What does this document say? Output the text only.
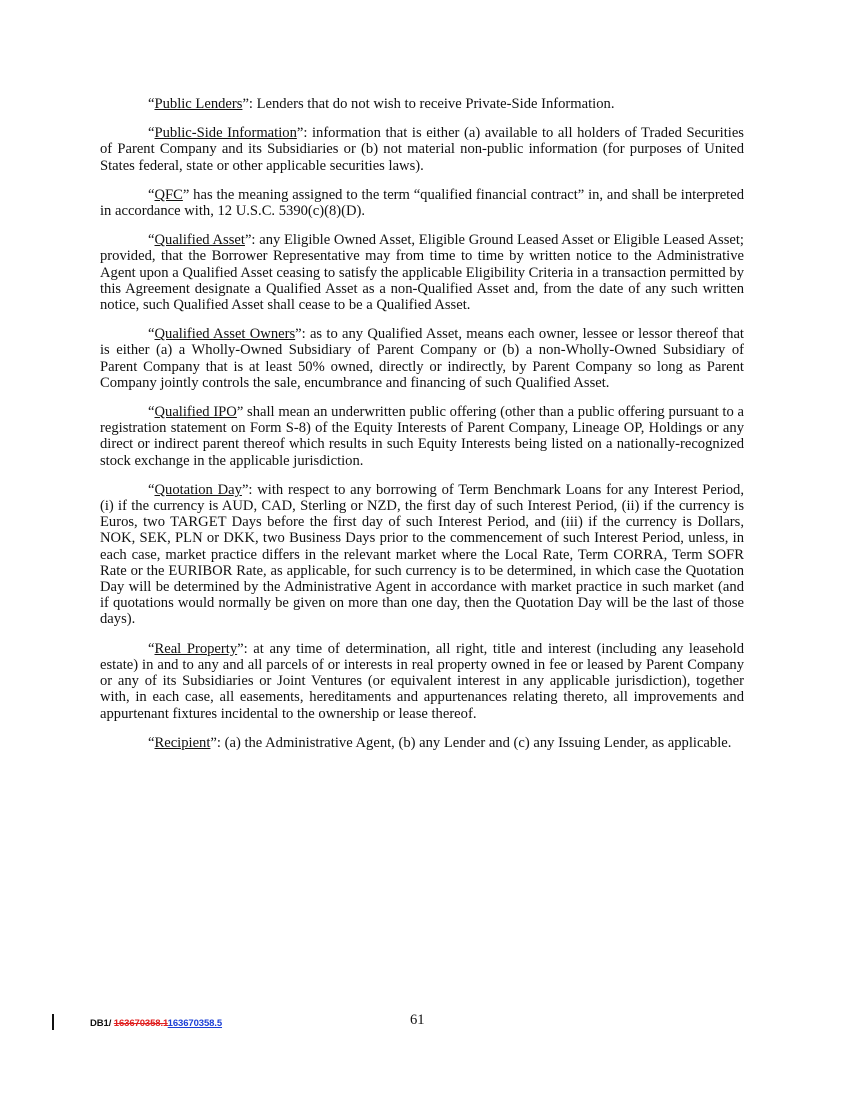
“Public Lenders”: Lenders that do not wish to receive Private-Side Information.

“Public-Side Information”: information that is either (a) available to all holders of Traded Securities of Parent Company and its Subsidiaries or (b) not material non-public information (for purposes of United States federal, state or other applicable securities laws).

“QFC” has the meaning assigned to the term “qualified financial contract” in, and shall be interpreted in accordance with, 12 U.S.C. 5390(c)(8)(D).

“Qualified Asset”: any Eligible Owned Asset, Eligible Ground Leased Asset or Eligible Leased Asset; provided, that the Borrower Representative may from time to time by written notice to the Administrative Agent upon a Qualified Asset ceasing to satisfy the applicable Eligibility Criteria in a transaction permitted by this Agreement designate a Qualified Asset as a non-Qualified Asset and, from the date of any such written notice, such Qualified Asset shall cease to be a Qualified Asset.

“Qualified Asset Owners”: as to any Qualified Asset, means each owner, lessee or lessor thereof that is either (a) a Wholly-Owned Subsidiary of Parent Company or (b) a non-Wholly-Owned Subsidiary of Parent Company that is at least 50% owned, directly or indirectly, by Parent Company so long as Parent Company jointly controls the sale, encumbrance and financing of such Qualified Asset.

“Qualified IPO” shall mean an underwritten public offering (other than a public offering pursuant to a registration statement on Form S-8) of the Equity Interests of Parent Company, Lineage OP, Holdings or any direct or indirect parent thereof which results in such Equity Interests being listed on a nationally-recognized stock exchange in the applicable jurisdiction.

“Quotation Day”: with respect to any borrowing of Term Benchmark Loans for any Interest Period, (i) if the currency is AUD, CAD, Sterling or NZD, the first day of such Interest Period, (ii) if the currency is Euros, two TARGET Days before the first day of such Interest Period, and (iii) if the currency is Dollars, NOK, SEK, PLN or DKK, two Business Days prior to the commencement of such Interest Period, unless, in each case, market practice differs in the relevant market where the Local Rate, Term CORRA, Term SOFR Rate or the EURIBOR Rate, as applicable, for such currency is to be determined, in which case the Quotation Day will be determined by the Administrative Agent in accordance with market practice in such market (and if quotations would normally be given on more than one day, then the Quotation Day will be the last of those days).

“Real Property”: at any time of determination, all right, title and interest (including any leasehold estate) in and to any and all parcels of or interests in real property owned in fee or leased by Parent Company or any of its Subsidiaries or Joint Ventures (or equivalent interest in any applicable jurisdiction), together with, in each case, all easements, hereditaments and appurtenances relating thereto, all improvements and appurtenant fixtures incidental to the ownership or lease thereof.

“Recipient”: (a) the Administrative Agent, (b) any Lender and (c) any Issuing Lender, as applicable.

DB1/ 163670358.1163670358.5	61
